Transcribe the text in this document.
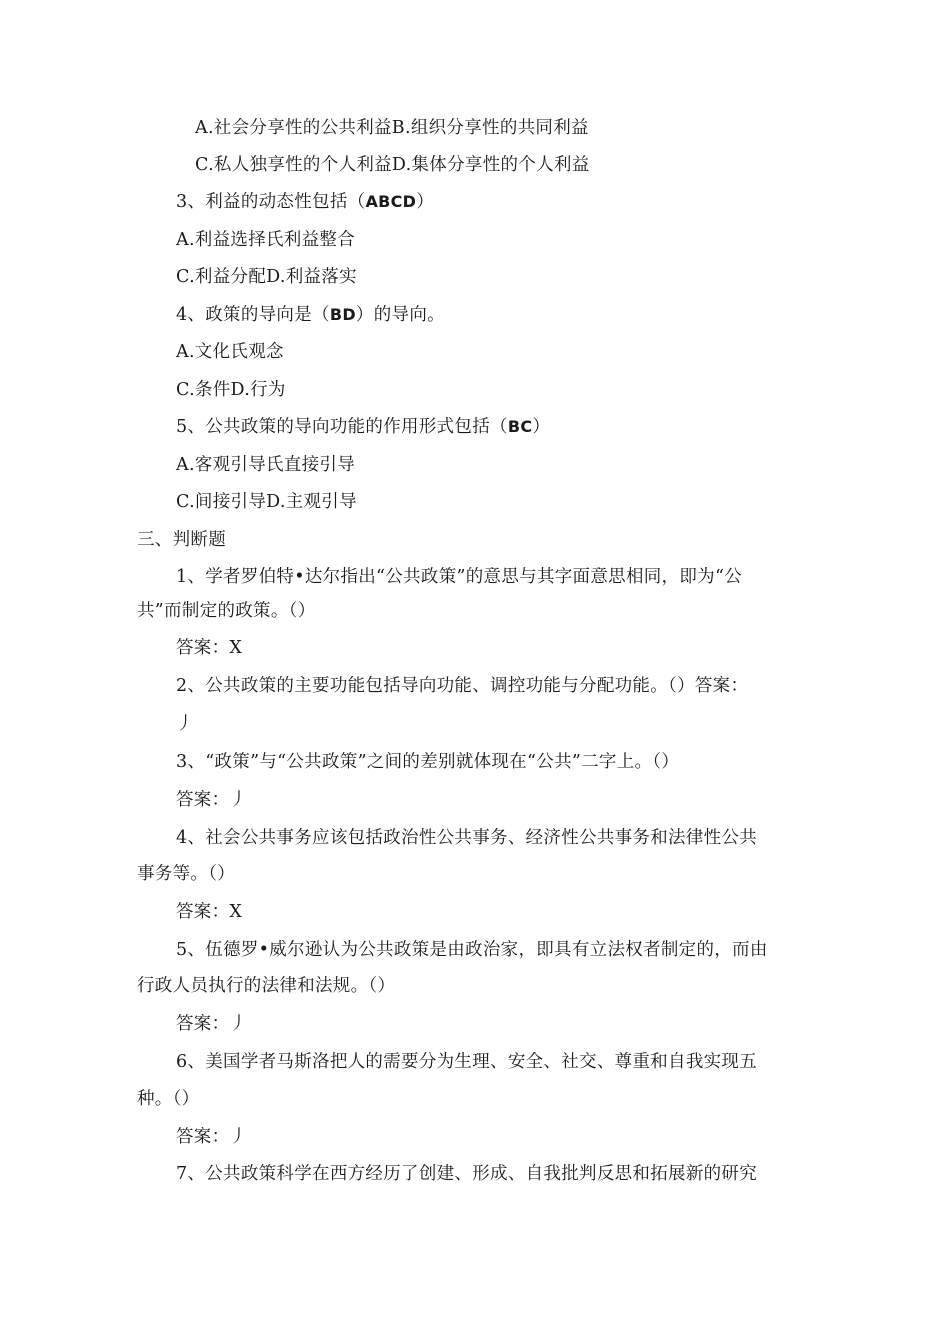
A.社会分享性的公共利益B.组织分享性的共同利益
C.私人独享性的个人利益D.集体分享性的个人利益
3、利益的动态性包括（ABCD）
A.利益选择氏利益整合
C.利益分配D.利益落实
4、政策的导向是（BD）的导向。
A.文化氏观念
C.条件D.行为
5、公共政策的导向功能的作用形式包括（BC）
A.客观引导氏直接引导
C.间接引导D.主观引导
三、判断题
1、学者罗伯特•达尔指出“公共政策”的意思与其字面意思相同，即为“公
共”而制定的政策。（）
答案：X
2、公共政策的主要功能包括导向功能、调控功能与分配功能。（）答案：
丿
3、“政策”与“公共政策”之间的差别就体现在“公共”二字上。（）
答案：丿
4、社会公共事务应该包括政治性公共事务、经济性公共事务和法律性公共
事务等。（）
答案：X
5、伍德罗•威尔逊认为公共政策是由政治家，即具有立法权者制定的，而由
行政人员执行的法律和法规。（）
答案：丿
6、美国学者马斯洛把人的需要分为生理、安全、社交、尊重和自我实现五
种。（）
答案：丿
7、公共政策科学在西方经历了创建、形成、自我批判反思和拓展新的研究
